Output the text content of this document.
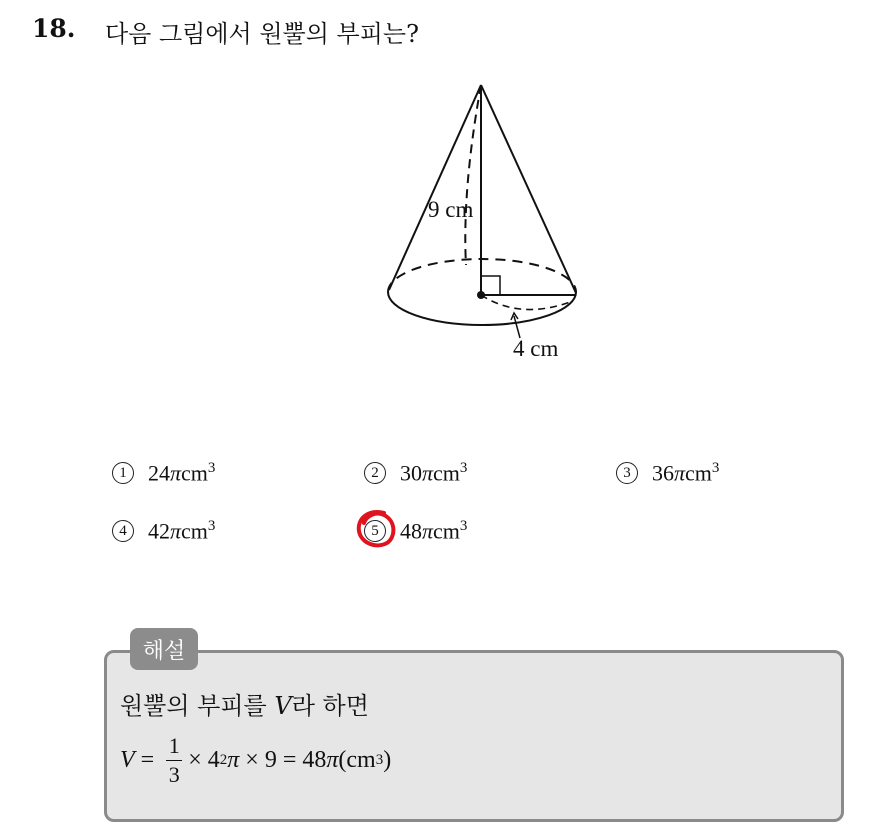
18. 다음 그림에서 원뿔의 부피는?
9 cm
4 cm
1 24πcm$^3$	2 30πcm$^3$	3 36πcm$^3$
4 42πcm$^3$	5 48πcm$^3$
해설
원뿔의 부피를 V라 하면
$V = \frac{1}{3} \times 4$ 2 π × 9 = 48 π (cm 3 )
